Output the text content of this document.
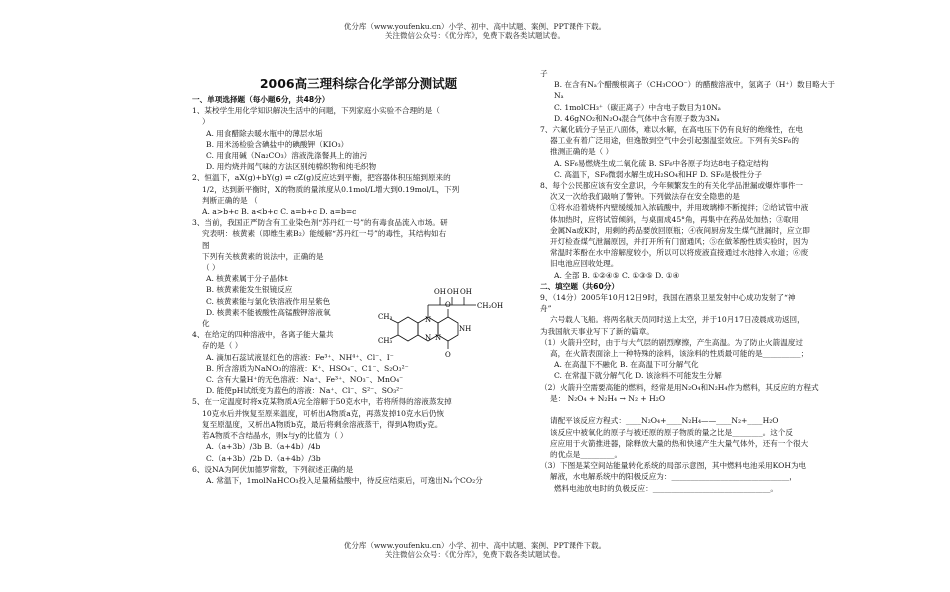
优分库（www.youfenku.cn）小学、初中、高中试题、案例、PPT课件下载。
关注微信公众号：《优分库》，免费下载各类试题试卷。
2006高三理科综合化学部分测试题

一、单项选择题（每小题6分，共48分）

1、某校学生用化学知识解决生活中的问题，下列家庭小实验不合理的是（

）

A. 用食醋除去暖水瓶中的薄层水垢

B. 用米汤检验含碘盐中的碘酸钾（KIO₃）

C. 用食用碱（Na₂CO₃）溶液洗涤餐具上的油污

D. 用灼烧并闻气味的方法区别纯棉织物和纯毛织物

2、恒温下，aX(g)+bY(g) ⇌ cZ(g)反应达到平衡，把容器体积压缩到原来的

1/2，达到新平衡时，X的物质的量浓度从0.1mol/L增大到0.19mol/L，下列

判断正确的是 （

A. a>b+c B. a<b+c C. a=b+c D. a=b=c

3、当前，我国正严防含有工业染色剂“苏丹红一号”的有毒食品流入市场。研

究表明：核黄素（即维生素B₂）能缓解“苏丹红一号”的毒性，其结构如右

图

下列有关核黄素的说法中，正确的是

（ ）

A. 核黄素属于分子晶体t

B. 核黄素能发生银镜反应

C. 核黄素能与氯化铁溶液作用呈紫色

D. 核黄素不能被酸性高锰酸钾溶液氧

化

4、在给定的四种溶液中，各离子能大量共

存的是（ ）

A. 滴加石蕊试液显红色的溶液：Fe³⁺、NH⁴⁺、Cl⁻、I⁻

B. 所含溶质为NaNO₃的溶液：K⁺、HSO₄⁻、C1⁻、S₂O₃²⁻

C. 含有大量H⁺的无色溶液：Na⁺、Fe³⁺、NO₃⁻、MnO₄⁻

D. 能使pH试纸变为蓝色的溶液：Na⁺、Cl⁻、S²⁻、SO₃²⁻

5、在一定温度时将x克某物质A完全溶解于50克水中，若将所得的溶液蒸发掉

10克水后并恢复至原来温度，可析出A物质a克，再蒸发掉10克水后仍恢

复至原温度，又析出A物质b克，最后将剩余溶液蒸干，得到A物质y克。

若A物质不含结晶水，则x与y的比值为（ ）

A.（a+3b）/3b B.（a+4b）/4b

C.（a+3b）/2b D.（a+4b）/3b

6、设NA为阿伏加德罗常数，下列叙述正确的是

A. 常温下，1molNaHCO₃投入足量稀盐酸中，待反应结束后，可逸出Nₐ个CO₂分

OH OH OH
CH₂OH
CH₃
CH₃
N
N N
NH
O
O

子

B. 在含有Nₐ个醋酸根离子（CH₃COO⁻）的醋酸溶液中，氢离子（H⁺）数目略大于

Nₐ

C. 1molCH₃⁺（碳正离子）中含电子数目为10Nₐ

D. 46gNO₂和N₂O₄混合气体中含有原子数为3Nₐ

7、六氟化硫分子呈正八面体，难以水解，在高电压下仍有良好的绝缘性，在电

器工业有着广泛用途，但逸散到空气中会引起强温室效应。下列有关SF₆的

推测正确的是（ ）

A. SF₆易燃烧生成二氧化硫 B. SF₆中各原子均达8电子稳定结构

C. 高温下，SF₆微弱水解生成H₂SO₄和HF D. SF₆是极性分子

8、每个公民都应该有安全意识，今年频繁发生的有关化学品泄漏或爆炸事件一

次又一次给我们敲响了警钟。下列做法存在安全隐患的是

①将水沿着烧杯内壁缓缓加入浓硫酸中，并用玻璃棒不断搅拌；②给试管中液

体加热时，应将试管倾斜，与桌面成45°角，再集中在药品处加热；③取用

金属Na或K时，用剩的药品要放回原瓶；④夜间厨房发生煤气泄漏时，应立即

开灯检查煤气泄漏原因，并打开所有门窗通风；⑤在做苯酚性质实验时，因为

常温时苯酚在水中溶解度较小，所以可以将废液直接通过水池排入水道；⑥废

旧电池应回收处理。

A. 全部 B. ①②④⑤ C. ①③⑤ D. ①④

二、填空题（共60分）

9、（14分）2005年10月12日9时，我国在酒泉卫星发射中心成功发射了“神

舟”

六号载人飞船。将两名航天员同时送上太空，并于10月17日凌晨成功返回，

为我国航天事业写下了新的篇章。

（1）火箭升空时，由于与大气层的剧烈摩擦，产生高温。为了防止火箭温度过

高，在火箭表面涂上一种特殊的涂料，该涂料的性质最可能的是__________；

A. 在高温下不融化 B. 在高温下可分解气化

C. 在常温下就分解气化 D. 该涂料不可能发生分解

（2）火箭升空需要高能的燃料，经常是用N₂O₄和N₂H₄作为燃料，其反应的方程式

是： N₂O₄ + N₂H₄ → N₂ + H₂O

请配平该反应方程式：____N₂O₄+____N₂H₄——____N₂+____H₂O

该反应中被氧化的原子与被还原的原子物质的量之比是________。这个反

应应用于火箭推进器，除释放大量的热和快速产生大量气体外，还有一个很大

的优点是_________。

（3）下图是某空间站能量转化系统的局部示意图，其中燃料电池采用KOH为电

解液，水电解系统中的阳极反应为：_______________________________，

燃料电池放电时的负极反应：_______________________________。

优分库（www.youfenku.cn）小学、初中、高中试题、案例、PPT课件下载。
关注微信公众号：《优分库》，免费下载各类试题试卷。
